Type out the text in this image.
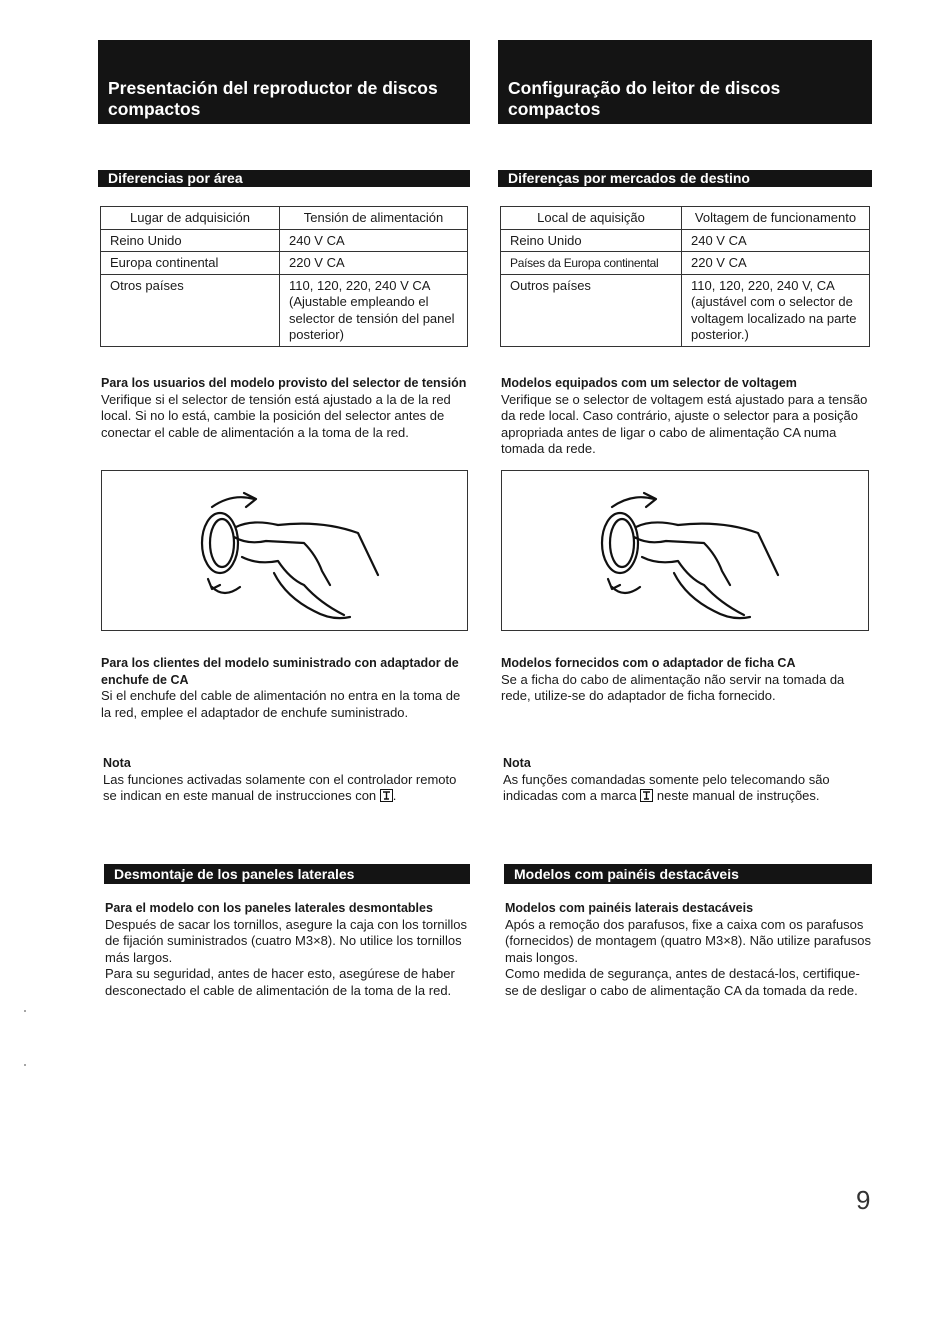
Presentación del reproductor de discos compactos
Diferencias por área
Lugar de adquisición	Tensión de alimentación
Reino Unido	240 V CA
Europa continental	220 V CA
Otros países	110, 120, 220, 240 V CA (Ajustable empleando el selector de tensión del panel posterior)
Para los usuarios del modelo provisto del selector de tensión
Verifique si el selector de tensión está ajustado a la de la red local. Si no lo está, cambie la posición del selector antes de conectar el cable de alimentación a la toma de la red.
Para los clientes del modelo suministrado con adaptador de enchufe de CA
Si el enchufe del cable de alimentación no entra en la toma de la red, emplee el adaptador de enchufe suministrado.
Nota
Las funciones activadas solamente con el controlador remoto se indican en este manual de instrucciones con .
Desmontaje de los paneles laterales
Para el modelo con los paneles laterales desmontables
Después de sacar los tornillos, asegure la caja con los tornillos de fijación suministrados (cuatro M3×8). No utilice los tornillos más largos.
Para su seguridad, antes de hacer esto, asegúrese de haber desconectado el cable de alimentación de la toma de la red.
Configuração do leitor de discos compactos
Diferenças por mercados de destino
Local de aquisição	Voltagem de funcionamento
Reino Unido	240 V CA
Países da Europa continental	220 V CA
Outros países	110, 120, 220, 240 V, CA (ajustável com o selector de voltagem localizado na parte posterior.)
Modelos equipados com um selector de voltagem
Verifique se o selector de voltagem está ajustado para a tensão da rede local. Caso contrário, ajuste o selector para a posição apropriada antes de ligar o cabo de alimentação CA numa tomada da rede.
Modelos fornecidos com o adaptador de ficha CA
Se a ficha do cabo de alimentação não servir na tomada da rede, utilize-se do adaptador de ficha fornecido.
Nota
As funções comandadas somente pelo telecomando são indicadas com a marca neste manual de instruções.
Modelos com painéis destacáveis
Modelos com painéis laterais destacáveis
Após a remoção dos parafusos, fixe a caixa com os parafusos (fornecidos) de montagem (quatro M3×8). Não utilize parafusos mais longos.
Como medida de segurança, antes de destacá-los, certifique-se de desligar o cabo de alimentação CA da tomada da rede.
9
